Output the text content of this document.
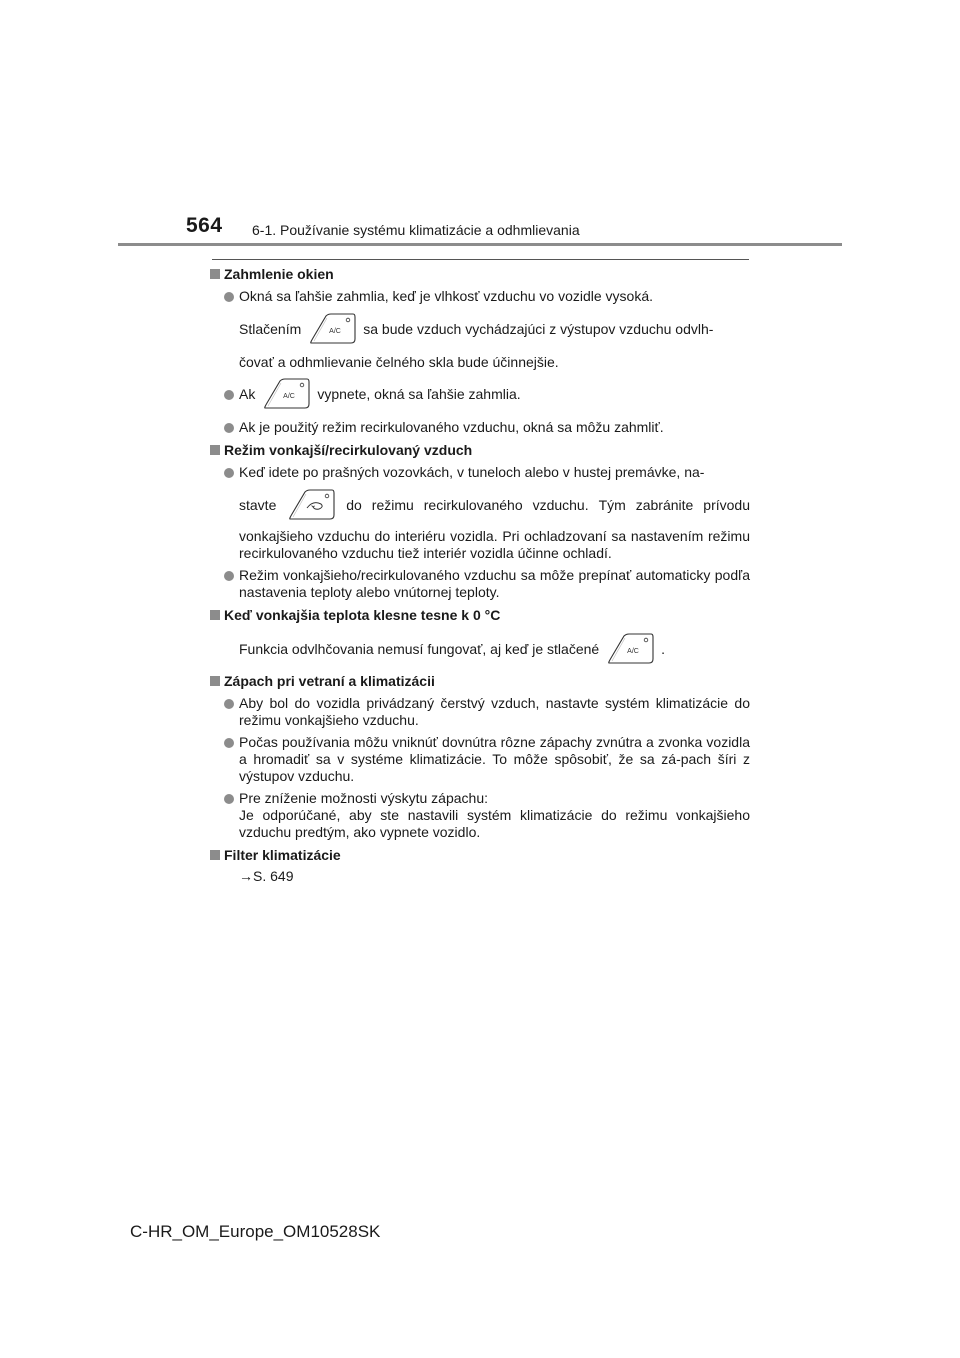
564 6-1. Používanie systému klimatizácie a odhmlievania
Zahmlenie okien
Okná sa ľahšie zahmlia, keď je vlhkosť vzduchu vo vozidle vysoká.
Stlačením	A/C sa bude vzduch vychádzajúci z výstupov vzduchu odvlh-
čovať a odhmlievanie čelného skla bude účinnejšie.
Ak	A/C vypnete, okná sa ľahšie zahmlia.
Ak je použitý režim recirkulovaného vzduchu, okná sa môžu zahmliť.
Režim vonkajší/recirkulovaný vzduch
Keď idete po prašných vozovkách, v tuneloch alebo v hustej premávke, na-
stavte	do režimu recirkulovaného vzduchu. Tým zabránite prívodu
vonkajšieho vzduchu do interiéru vozidla. Pri ochladzovaní sa nastavením režimu recirkulovaného vzduchu tiež interiér vozidla účinne ochladí.
Režim vonkajšieho/recirkulovaného vzduchu sa môže prepínať automaticky podľa nastavenia teploty alebo vnútornej teploty.
Keď vonkajšia teplota klesne tesne k 0 °C
Funkcia odvlhčovania nemusí fungovať, aj keď je stlačené	A/C .
Zápach pri vetraní a klimatizácii
Aby bol do vozidla privádzaný čerstvý vzduch, nastavte systém klimatizácie do režimu vonkajšieho vzduchu.
Počas používania môžu vniknúť dovnútra rôzne zápachy zvnútra a zvonka vozidla a hromadiť sa v systéme klimatizácie. To môže spôsobiť, že sa zá-pach šíri z výstupov vzduchu.
Pre zníženie možnosti výskytu zápachu:
Je odporúčané, aby ste nastavili systém klimatizácie do režimu vonkajšieho vzduchu predtým, ako vypnete vozidlo.
Filter klimatizácie
→S. 649
C-HR_OM_Europe_OM10528SK
